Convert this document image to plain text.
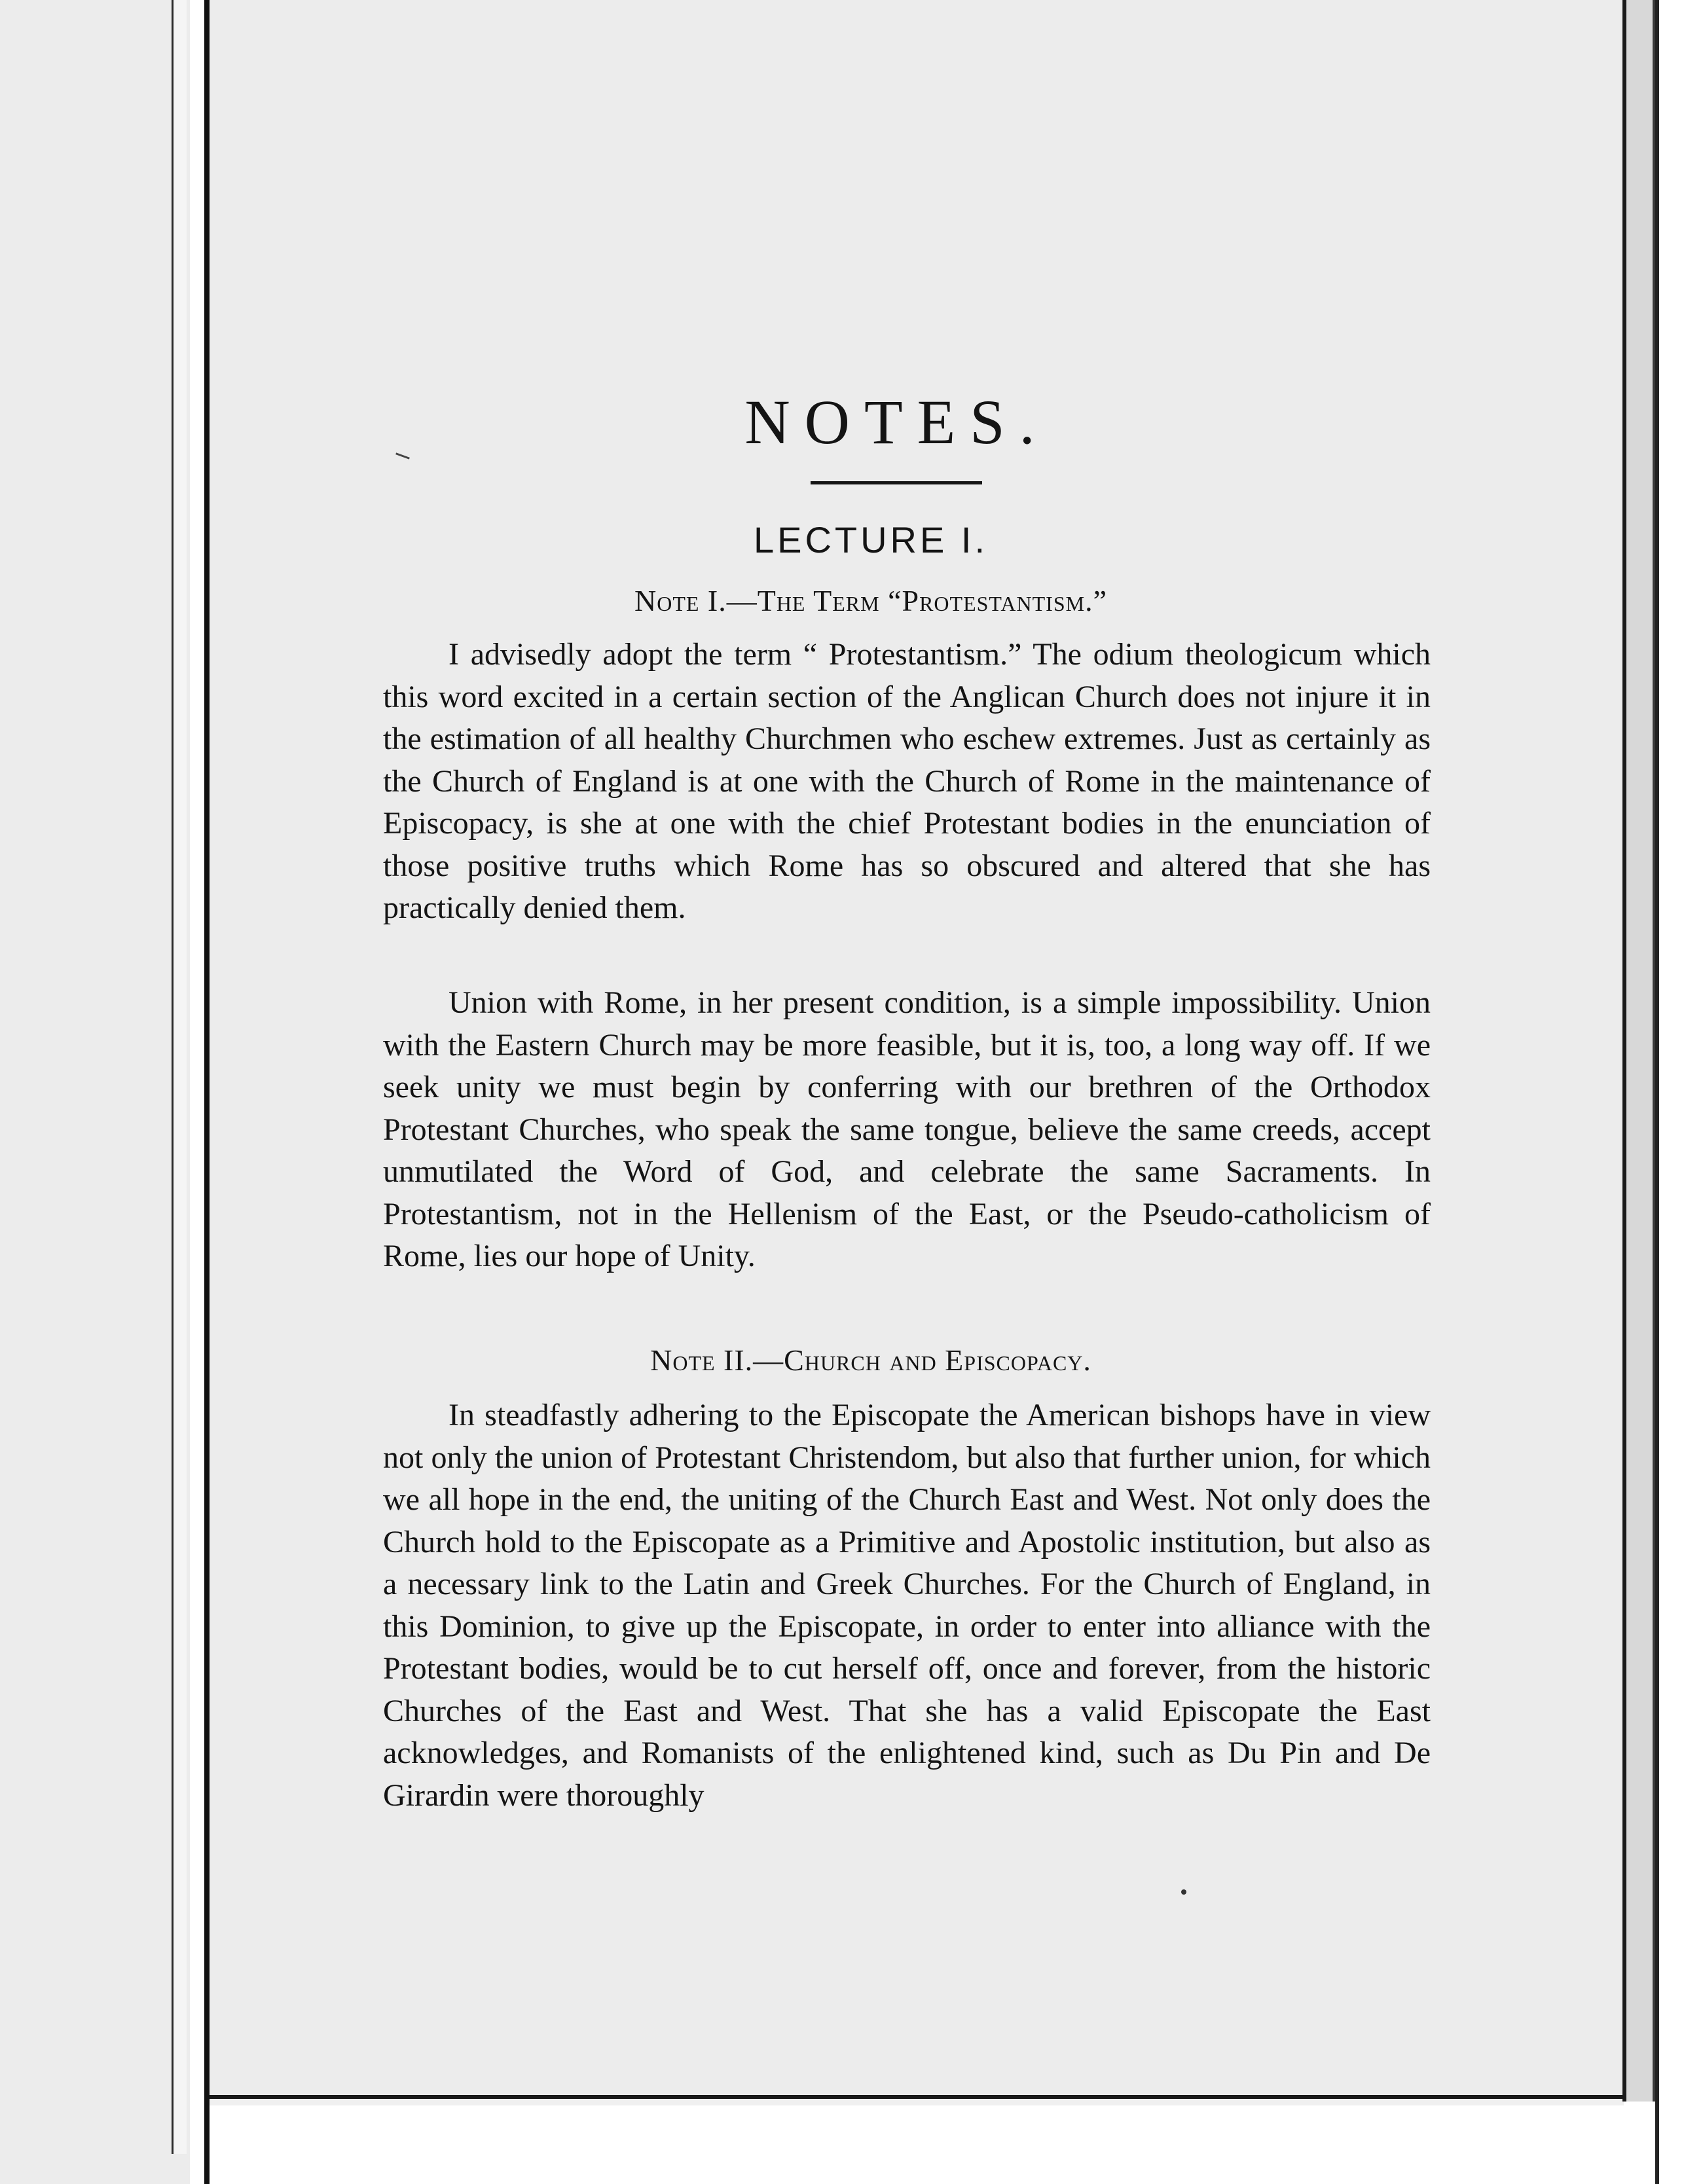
NOTES.
LECTURE I.
Note I.—The Term “Protestantism.”

I advisedly adopt the term “ Protestantism.” The odium theologicum which this word excited in a certain section of the Anglican Church does not injure it in the estimation of all healthy Churchmen who eschew extremes. Just as certainly as the Church of England is at one with the Church of Rome in the maintenance of Episcopacy, is she at one with the chief Protestant bodies in the enunciation of those positive truths which Rome has so obscured and altered that she has practically denied them.

Union with Rome, in her present condition, is a simple impossibility. Union with the Eastern Church may be more feasible, but it is, too, a long way off. If we seek unity we must begin by conferring with our brethren of the Orthodox Protestant Churches, who speak the same tongue, believe the same creeds, accept unmutilated the Word of God, and celebrate the same Sacraments. In Protestantism, not in the Hellenism of the East, or the Pseudo-catholicism of Rome, lies our hope of Unity.

Note II.—Church and Episcopacy.

In steadfastly adhering to the Episcopate the American bishops have in view not only the union of Protestant Christendom, but also that further union, for which we all hope in the end, the uniting of the Church East and West. Not only does the Church hold to the Episcopate as a Primitive and Apostolic institution, but also as a necessary link to the Latin and Greek Churches. For the Church of England, in this Dominion, to give up the Episcopate, in order to enter into alliance with the Protestant bodies, would be to cut herself off, once and forever, from the historic Churches of the East and West. That she has a valid Episcopate the East acknowledges, and Romanists of the enlightened kind, such as Du Pin and De Girardin were thoroughly
